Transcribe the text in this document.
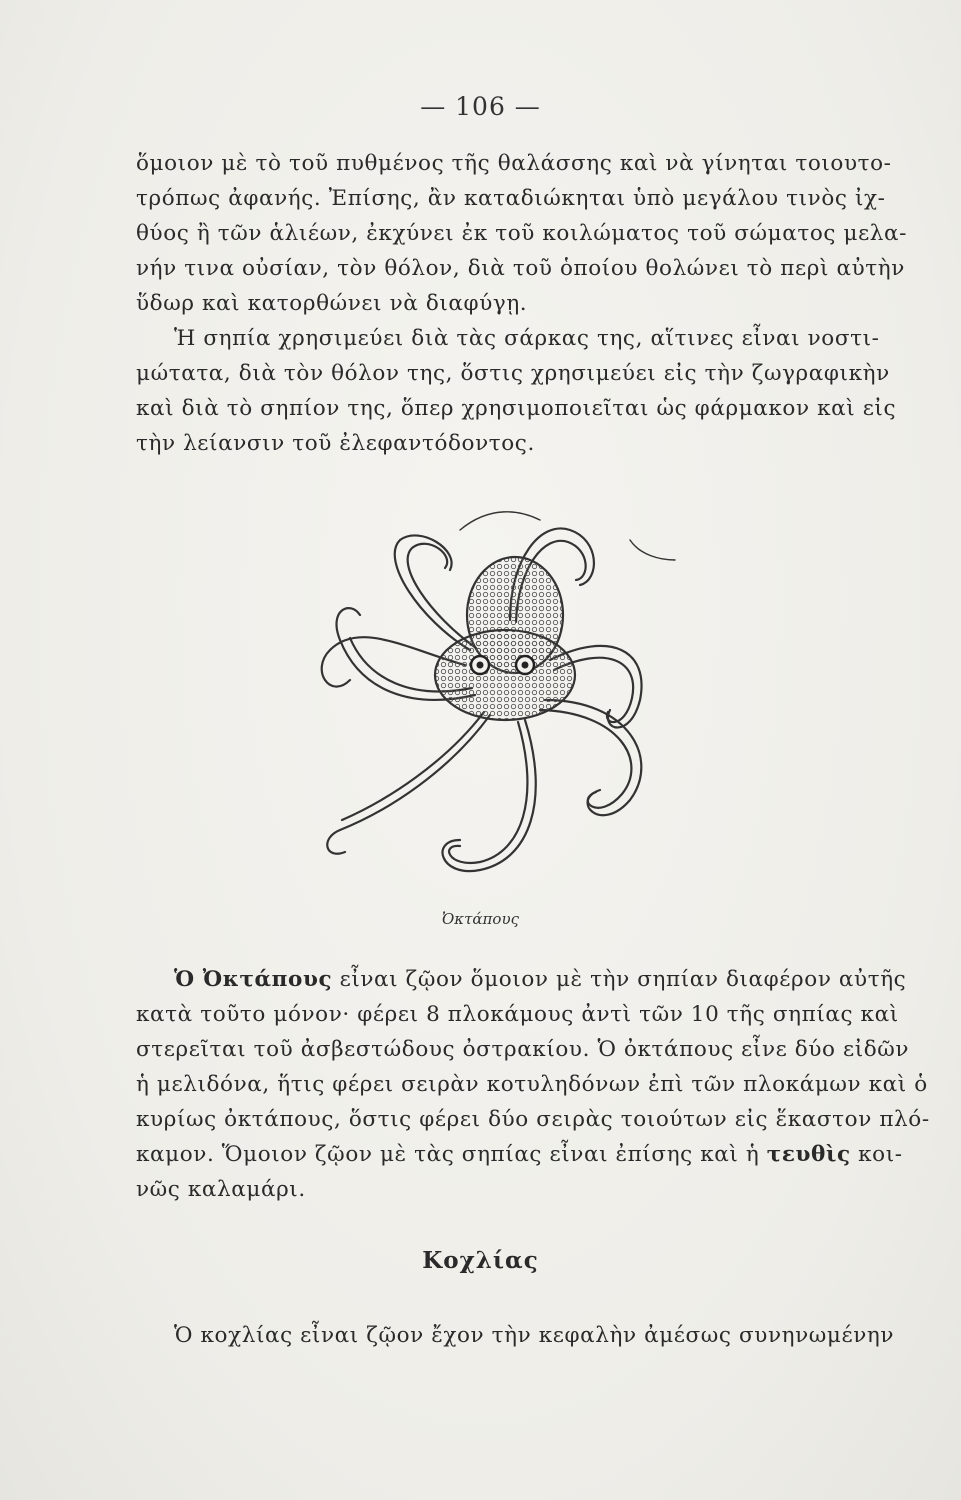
— 106 —
ὅμοιον μὲ τὸ τοῦ πυθμένος τῆς θαλάσσης καὶ νὰ γίνηται τοιουτο-
τρόπως ἀφανής. Ἐπίσης, ἂν καταδιώκηται ὑπὸ μεγάλου τινὸς ἰχ-
θύος ἢ τῶν ἁλιέων, ἐκχύνει ἐκ τοῦ κοιλώματος τοῦ σώματος μελα-
νήν τινα οὐσίαν, τὸν θόλον, διὰ τοῦ ὁποίου θολώνει τὸ περὶ αὐτὴν
ὕδωρ καὶ κατορθώνει νὰ διαφύγῃ.
Ἡ σηπία χρησιμεύει διὰ τὰς σάρκας της, αἵτινες εἶναι νοστι-
μώτατα, διὰ τὸν θόλον της, ὅστις χρησιμεύει εἰς τὴν ζωγραφικὴν
καὶ διὰ τὸ σηπίον της, ὅπερ χρησιμοποιεῖται ὡς φάρμακον καὶ εἰς
τὴν λείανσιν τοῦ ἐλεφαντόδοντος.
Ὀκτάπους
Ὁ Ὀκτάπους εἶναι ζῷον ὅμοιον μὲ τὴν σηπίαν διαφέρον αὐτῆς
κατὰ τοῦτο μόνον· φέρει 8 πλοκάμους ἀντὶ τῶν 10 τῆς σηπίας καὶ
στερεῖται τοῦ ἀσβεστώδους ὀστρακίου. Ὁ ὀκτάπους εἶνε δύο εἰδῶν
ἡ μελιδόνα, ἥτις φέρει σειρὰν κοτυληδόνων ἐπὶ τῶν πλοκάμων καὶ ὁ
κυρίως ὀκτάπους, ὅστις φέρει δύο σειρὰς τοιούτων εἰς ἕκαστον πλό-
καμον. Ὅμοιον ζῷον μὲ τὰς σηπίας εἶναι ἐπίσης καὶ ἡ τευθὶς κοι-
νῶς καλαμάρι.
Κοχλίας
Ὁ κοχλίας εἶναι ζῷον ἔχον τὴν κεφαλὴν ἀμέσως συνηνωμένην
